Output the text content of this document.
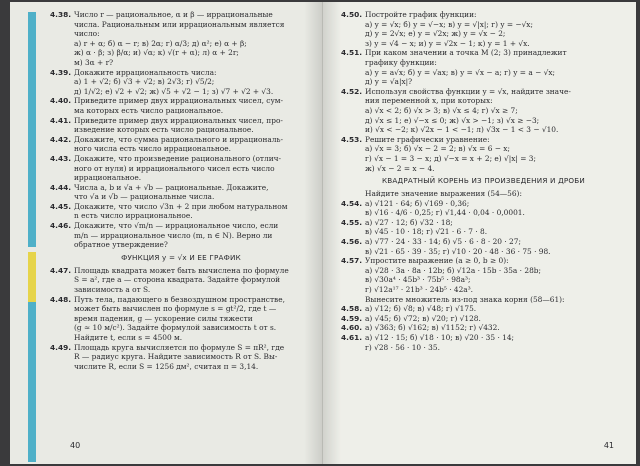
4.38. Число r — рациональное, α и β — иррациональные
числа. Рациональным или иррациональным является
число:
а) r + α; б) α − r; в) 2α; г) α/3; д) α²; е) α + β;
ж) α · β; з) β/α; и) √α; к) √(r + α); л) α + 2r;
м) 3α + r?
4.39. Докажите иррациональность числа:
а) 1 + √2; б) √3 + √2; в) 2√3; г) √5/2;
д) 1/√2; е) √2 + √2; ж) √5 + √2 − 1; з) √7 + √2 + √3.
4.40. Приведите пример двух иррациональных чисел, сум-
ма которых есть число рациональное.
4.41. Приведите пример двух иррациональных чисел, про-
изведение которых есть число рациональное.
4.42. Докажите, что сумма рационального и иррациональ-
ного числа есть число иррациональное.
4.43. Докажите, что произведение рационального (отлич-
ного от нуля) и иррационального чисел есть число
иррациональное.
4.44. Числа a, b и √a + √b — рациональные. Докажите,
что √a и √b — рациональные числа.
4.45. Докажите, что число √3n + 2 при любом натуральном
n есть число иррациональное.
4.46. Докажите, что √m/n — иррациональное число, если
m/n — иррациональное число (m, n ∈ N). Верно ли
обратное утверждение?
ФУНКЦИЯ y = √x И ЕЕ ГРАФИК
4.47. Площадь квадрата может быть вычислена по формуле
S = a², где a — сторона квадрата. Задайте формулой
зависимость a от S.
4.48. Путь тела, падающего в безвоздушном пространстве,
может быть вычислен по формуле s = gt²/2, где t —
время падения, g — ускорение силы тяжести
(g ≈ 10 м/с²). Задайте формулой зависимость t от s.
Найдите t, если s = 4500 м.
4.49. Площадь круга вычисляется по формуле S = πR², где
R — радиус круга. Найдите зависимость R от S. Вы-
числите R, если S = 1256 дм², считая π = 3,14.
40
4.50. Постройте график функции:
а) y = √x; б) y = √−x; в) y = √|x|; г) y = −√x;
д) y = 2√x; е) y = √2x; ж) y = √x − 2;
з) y = √4 − x; и) y = √2x − 1; к) y = 1 + √x.
4.51. При каком значении a точка M (2; 3) принадлежит
графику функции:
а) y = a√x; б) y = √ax; в) y = √x − a; г) y = a − √x;
д) y = √a|x|?
4.52. Используя свойства функции y = √x, найдите значе-
ния переменной x, при которых:
а) √x < 2; б) √x > 3; в) √x ≤ 4; г) √x ≥ 7;
д) √x ≤ 1; е) √−x ≤ 0; ж) √x > −1; з) √x ≥ −3;
и) √x < −2; к) √2x − 1 < −1; л) √3x − 1 < 3 − √10.
4.53. Решите графически уравнение:
а) √x = 3; б) √x − 2 = 2; в) √x = 6 − x;
г) √x − 1 = 3 − x; д) √−x = x + 2; е) √|x| = 3;
ж) √x − 2 = x − 4.
КВАДРАТНЫЙ КОРЕНЬ ИЗ ПРОИЗВЕДЕНИЯ И ДРОБИ
Найдите значение выражения (54—56):
4.54. а) √121 · 64; б) √169 · 0,36;
в) √16 · 4/6 · 0,25; г) √1,44 · 0,04 · 0,0001.
4.55. а) √27 · 12; б) √32 · 18;
в) √45 · 10 · 18; г) √21 · 6 · 7 · 8.
4.56. а) √77 · 24 · 33 · 14; б) √5 · 6 · 8 · 20 · 27;
в) √21 · 65 · 39 · 35; г) √10 · 20 · 48 · 36 · 75 · 98.
4.57. Упростите выражение (a ≥ 0, b ≥ 0):
а) √28 · 3a · 8a · 12b; б) √12a · 15b · 35a · 28b;
в) √30a⁴ · 45b³ · 75b⁵ · 98a³;
г) √12a¹⁷ · 21b³ · 24b⁵ · 42a³.
Вынесите множитель из-под знака корня (58—61):
4.58. а) √12; б) √8; в) √48; г) √175.
4.59. а) √45; б) √72; в) √20; г) √128.
4.60. а) √363; б) √162; в) √1152; г) √432.
4.61. а) √12 · 15; б) √18 · 10; в) √20 · 35 · 14;
г) √28 · 56 · 10 · 35.
41
